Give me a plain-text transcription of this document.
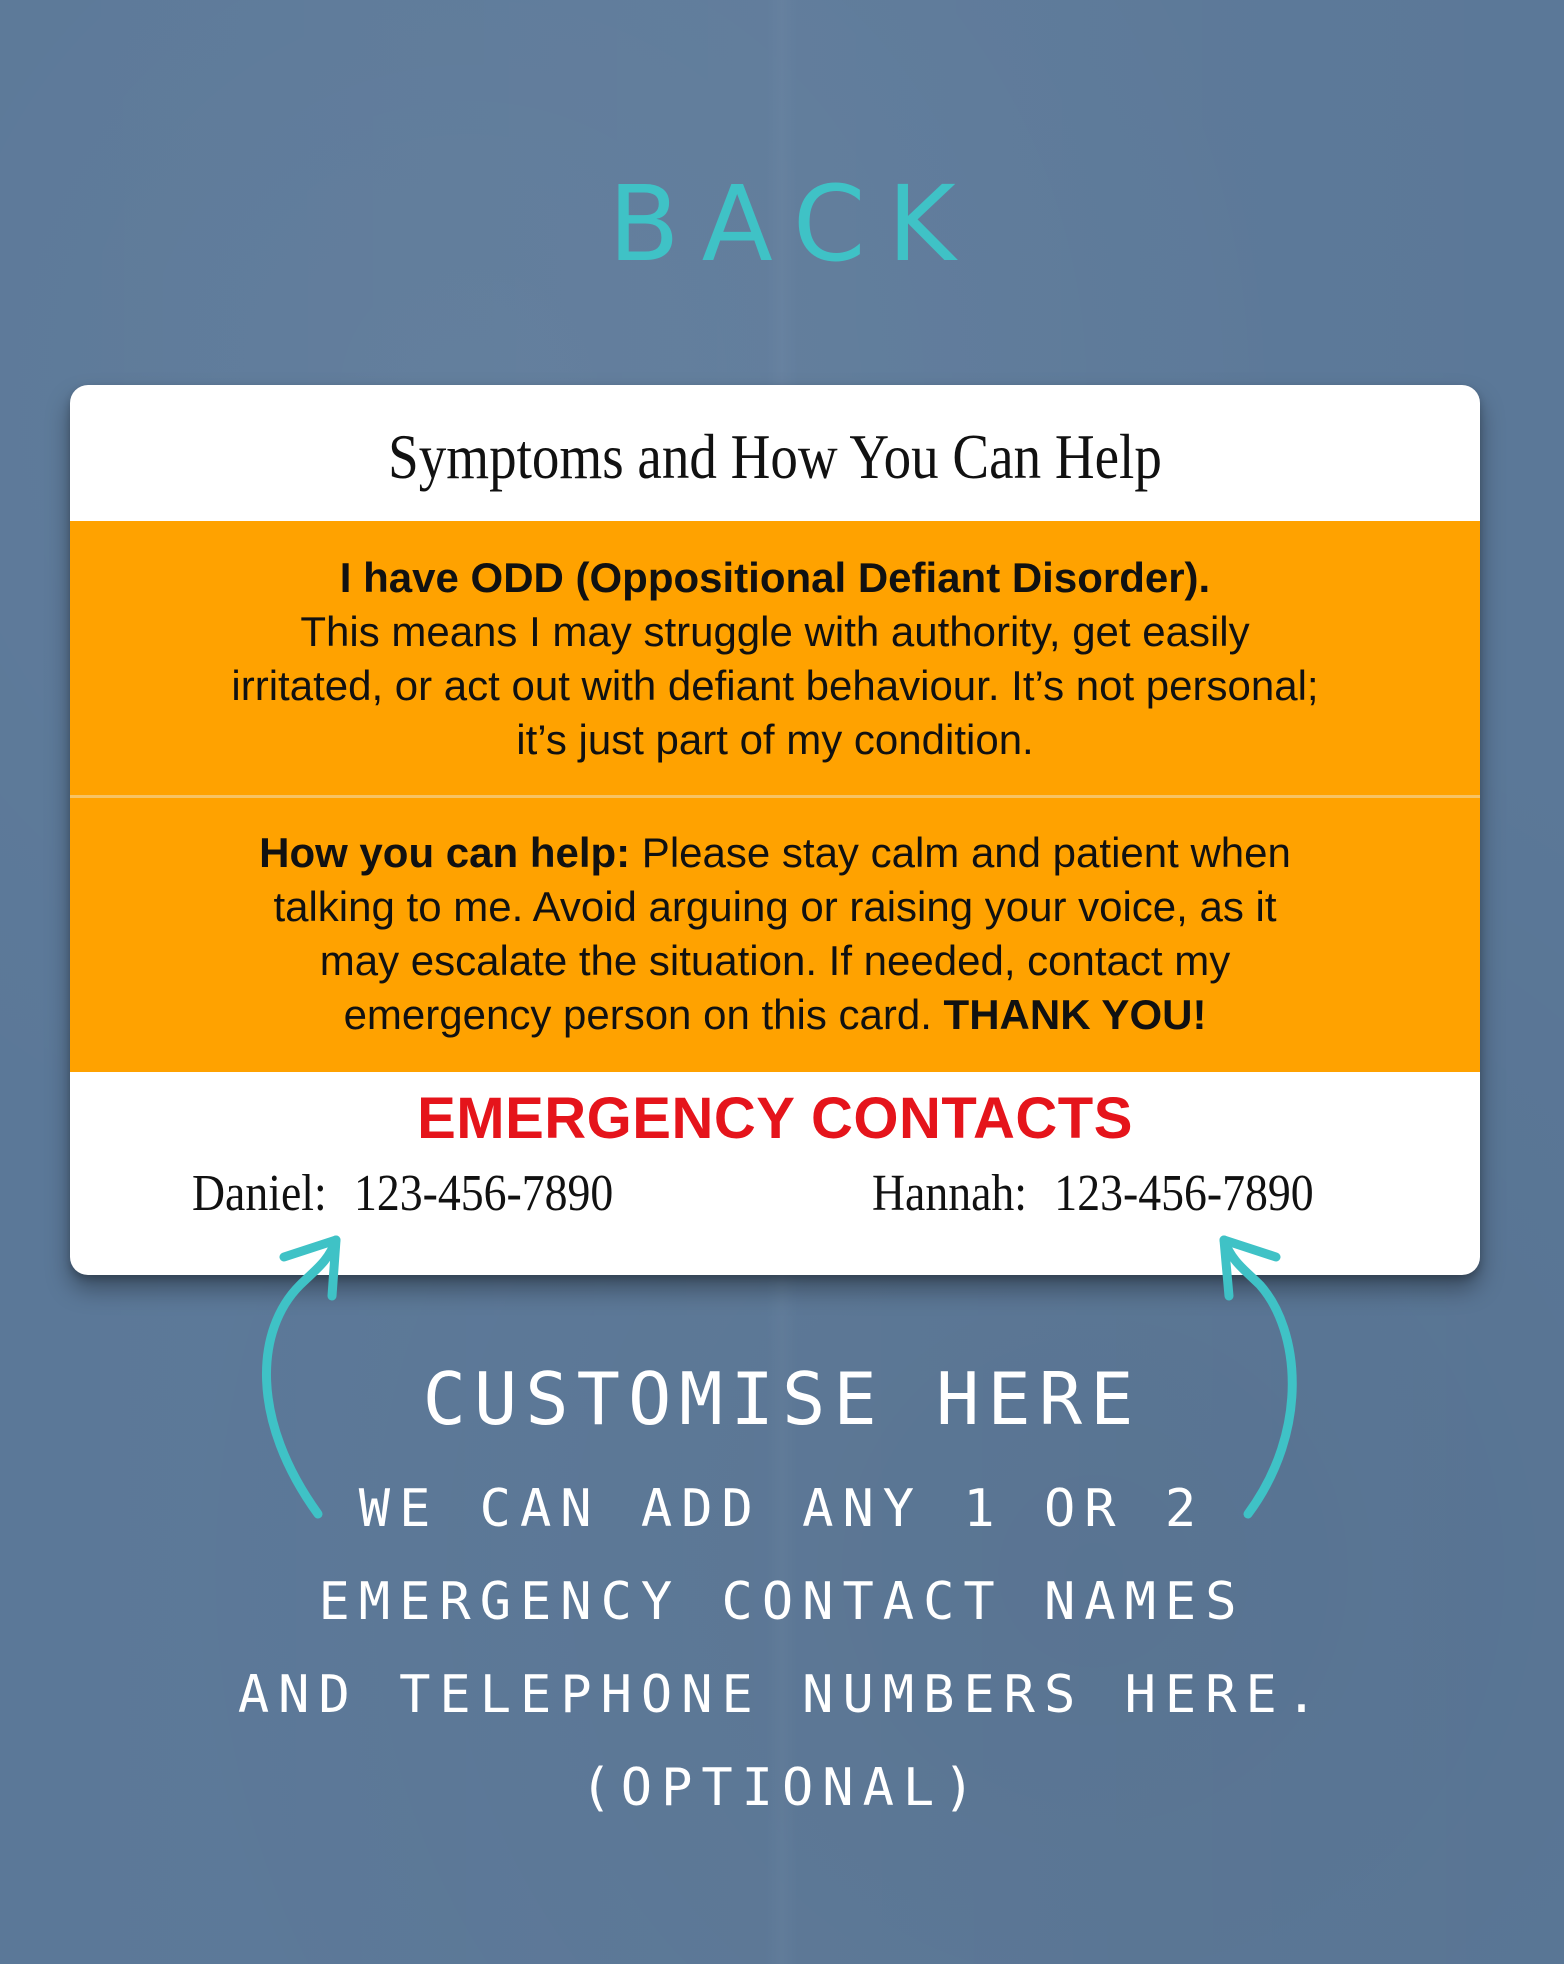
BACK
Symptoms and How You Can Help

I have ODD (Oppositional Defiant Disorder).

This means I may struggle with authority, get easily

irritated, or act out with defiant behaviour. It’s not personal;

it’s just part of my condition.

How you can help: Please stay calm and patient when

talking to me. Avoid arguing or raising your voice, as it

may escalate the situation. If needed, contact my

emergency person on this card. THANK YOU!

EMERGENCY CONTACTS
Daniel: 123-456-7890	Hannah: 123-456-7890
CUSTOMISE HERE
WE CAN ADD ANY 1 OR 2
EMERGENCY CONTACT NAMES
AND TELEPHONE NUMBERS HERE.
(OPTIONAL)
